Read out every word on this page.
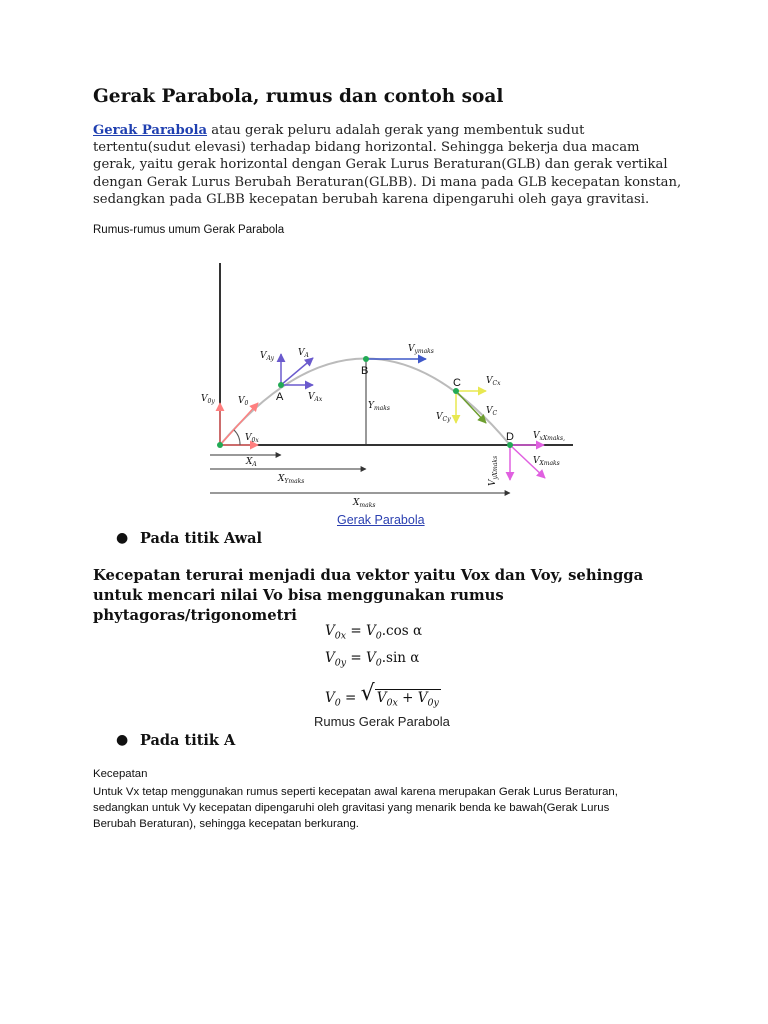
Gerak Parabola, rumus dan contoh soal

Gerak Parabola atau gerak peluru adalah gerak yang membentuk sudut tertentu(sudut elevasi) terhadap bidang horizontal. Sehingga bekerja dua macam gerak, yaitu gerak horizontal dengan Gerak Lurus Beraturan(GLB) dan gerak vertikal dengan Gerak Lurus Berubah Beraturan(GLBB). Di mana pada GLB kecepatan konstan, sedangkan pada GLBB kecepatan berubah karena dipengaruhi oleh gaya gravitasi.

Rumus-rumus umum Gerak Parabola
$V_{Ay}$
$V_A$
$V_{ymaks}$
$V_{Cx}$
$V_{0y}$	$V_0$
$V_{Ax}$
$Y_{maks}$	$V_C$
$V_{Cy}$
$V_{0x}$	$V_{xXmaks,}$
$V_{yXmaks}$	$V_{Xmaks}$
$X_A$
$X_{Ymaks}$
$X_{maks}$
A
B
C
D
Gerak Parabola
● Pada titik Awal
Kecepatan terurai menjadi dua vektor yaitu Vox dan Voy, sehingga untuk mencari nilai Vo bisa menggunakan rumus phytagoras/trigonometri
$V_{0x} = V_0.\cos$ α
$V_{0y} = V_0.\sin$ α
$V_0$ = √ $V_{0x} + V_{0y}$
Rumus Gerak Parabola
● Pada titik A
Kecepatan
Untuk Vx tetap menggunakan rumus seperti kecepatan awal karena merupakan Gerak Lurus Beraturan, sedangkan untuk Vy kecepatan dipengaruhi oleh gravitasi yang menarik benda ke bawah(Gerak Lurus Berubah Beraturan), sehingga kecepatan berkurang.
